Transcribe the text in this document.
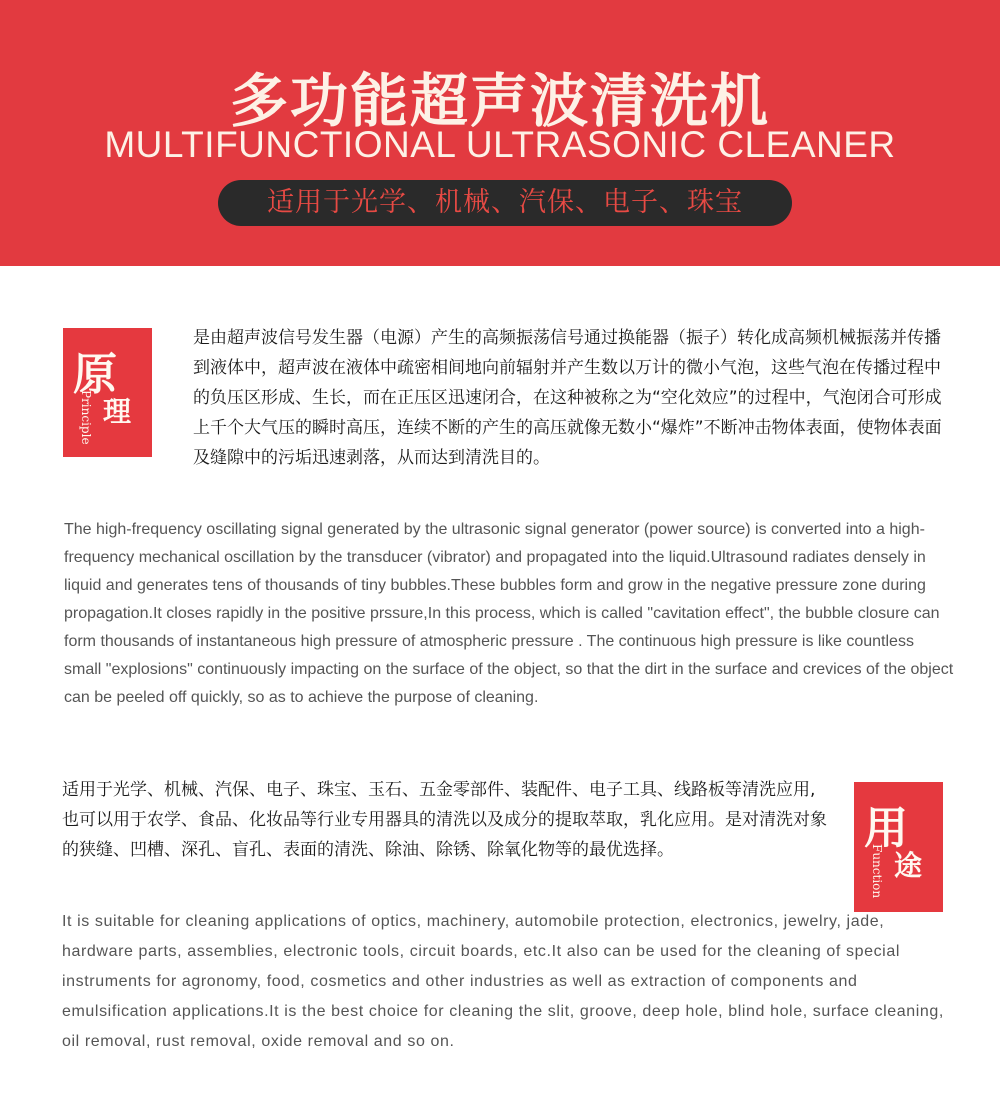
多功能超声波清洗机
MULTIFUNCTIONAL ULTRASONIC CLEANER
适用于光学、机械、汽保、电子、珠宝
原
Principle 理

是由超声波信号发生器（电源）产生的高频振荡信号通过换能器（振子）转化成高频机械振荡并传播到液体中，超声波在液体中疏密相间地向前辐射并产生数以万计的微小气泡，这些气泡在传播过程中的负压区形成、生长，而在正压区迅速闭合，在这种被称之为“空化效应”的过程中，气泡闭合可形成上千个大气压的瞬时高压，连续不断的产生的高压就像无数小“爆炸”不断冲击物体表面，使物体表面及缝隙中的污垢迅速剥落，从而达到清洗目的。

The high-frequency oscillating signal generated by the ultrasonic signal generator (power source) is converted into a high-frequency mechanical oscillation by the transducer (vibrator) and propagated into the liquid.Ultrasound radiates densely in liquid and generates tens of thousands of tiny bubbles.These bubbles form and grow in the negative pressure zone during propagation.It closes rapidly in the positive prssure,In this process, which is called "cavitation effect", the bubble closure can form thousands of instantaneous high pressure of atmospheric pressure . The continuous high pressure is like countless small "explosions" continuously impacting on the surface of the object, so that the dirt in the surface and crevices of the object can be peeled off quickly, so as to achieve the purpose of cleaning.

适用于光学、机械、汽保、电子、珠宝、玉石、五金零部件、装配件、电子工具、线路板等清洗应用,也可以用于农学、食品、化妆品等行业专用器具的清洗以及成分的提取萃取，乳化应用。是对清洗对象的狭缝、凹槽、深孔、盲孔、表面的清洗、除油、除锈、除氧化物等的最优选择。	用
Function 途

It is suitable for cleaning applications of optics, machinery, automobile protection, electronics, jewelry, jade, hardware parts, assemblies, electronic tools, circuit boards, etc.It also can be used for the cleaning of special instruments for agronomy, food, cosmetics and other industries as well as extraction of components and emulsification applications.It is the best choice for cleaning the slit, groove, deep hole, blind hole, surface cleaning, oil removal, rust removal, oxide removal and so on.
